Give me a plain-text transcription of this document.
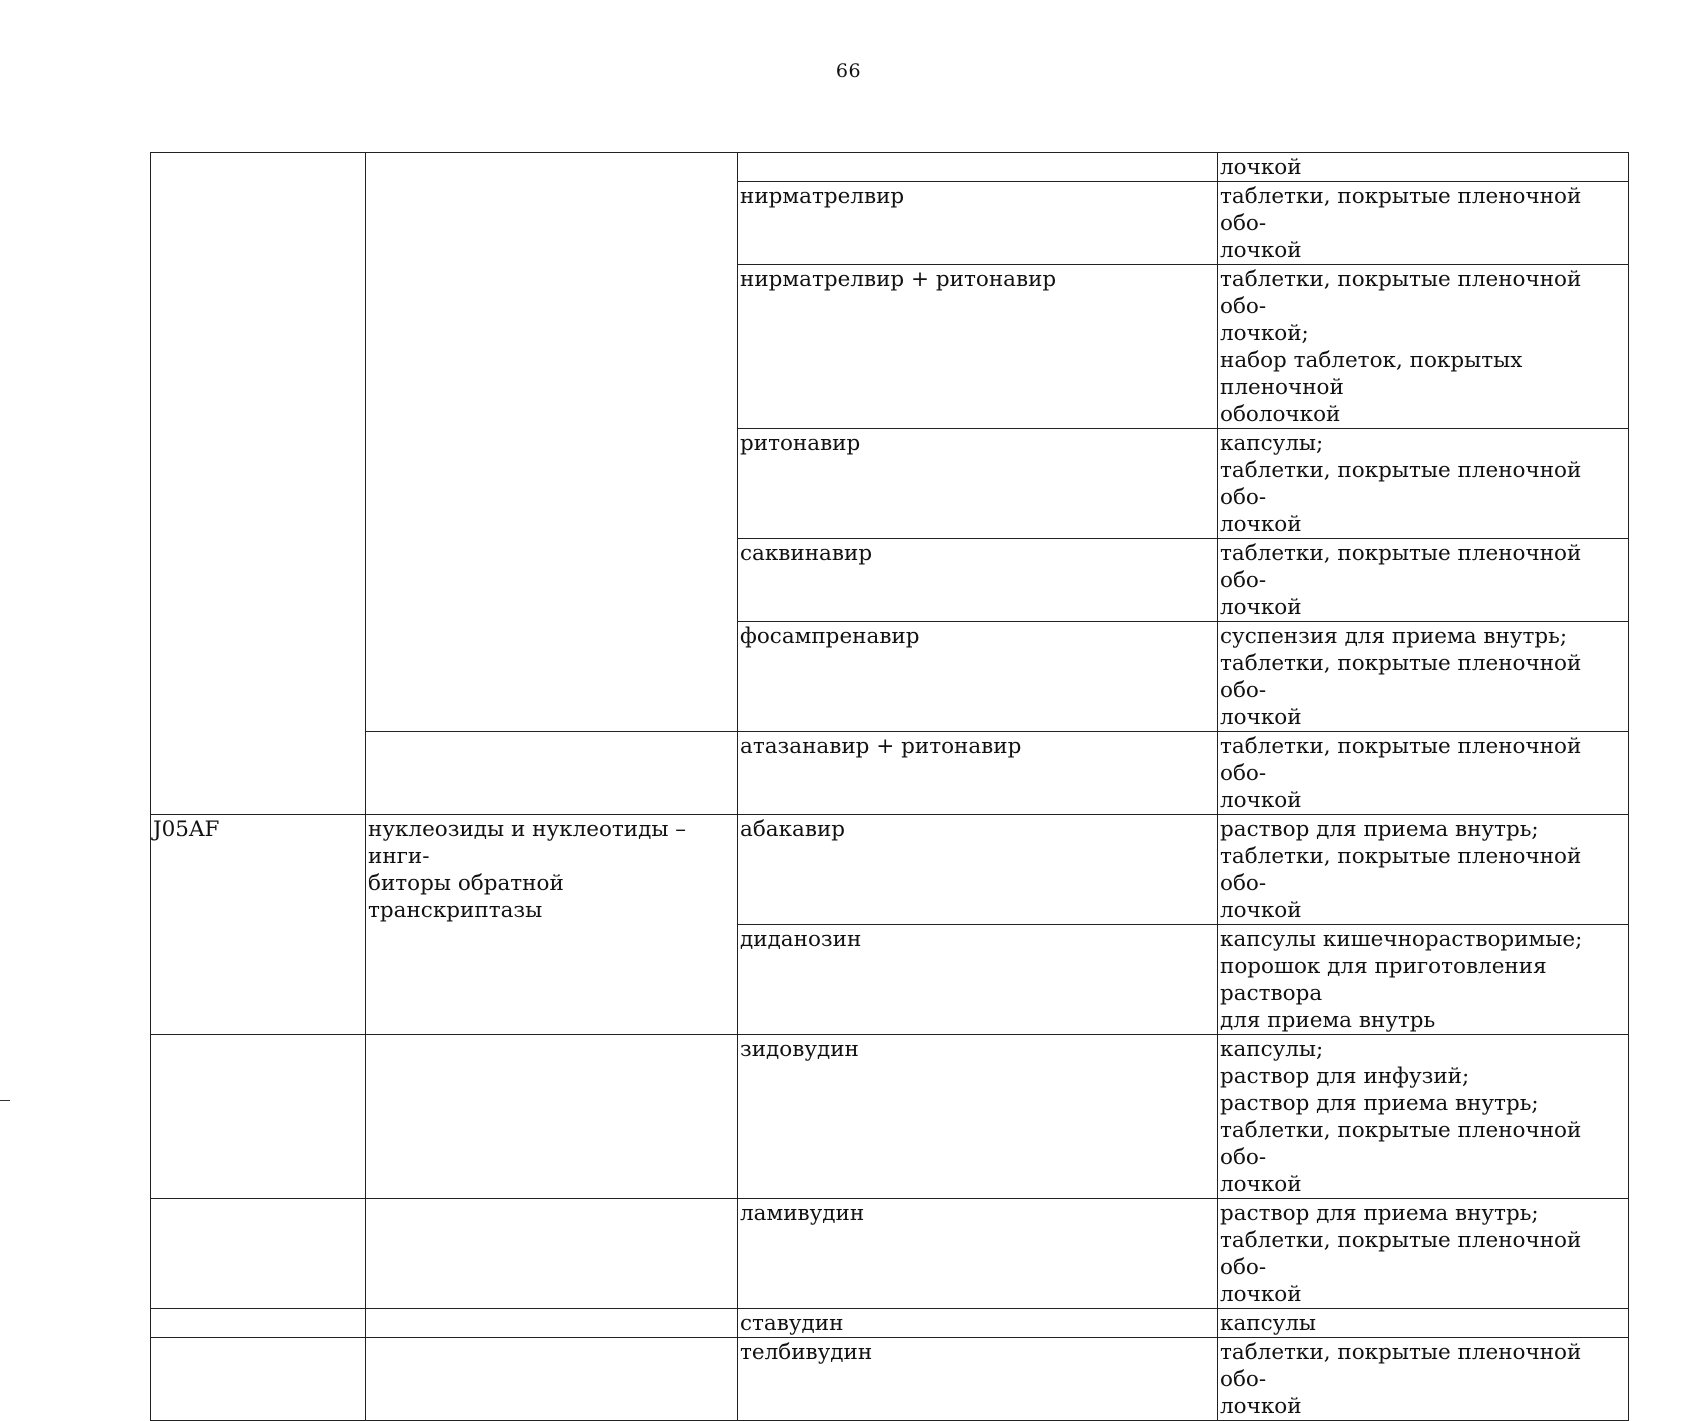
66
			лочкой
		нирматрелвир	таблетки, покрытые пленочной обо-
лочкой
		нирматрелвир + ритонавир	таблетки, покрытые пленочной обо-
лочкой;
набор таблеток, покрытых пленочной
оболочкой
		ритонавир	капсулы;
таблетки, покрытые пленочной обо-
лочкой
		саквинавир	таблетки, покрытые пленочной обо-
лочкой
		фосампренавир	суспензия для приема внутрь;
таблетки, покрытые пленочной обо-
лочкой
		атазанавир + ритонавир	таблетки, покрытые пленочной обо-
лочкой
J05AF	нуклеозиды и нуклеотиды – инги-
биторы обратной транскриптазы	абакавир	раствор для приема внутрь;
таблетки, покрытые пленочной обо-
лочкой
		диданозин	капсулы кишечнорастворимые;
порошок для приготовления раствора
для приема внутрь
		зидовудин	капсулы;
раствор для инфузий;
раствор для приема внутрь;
таблетки, покрытые пленочной обо-
лочкой
		ламивудин	раствор для приема внутрь;
таблетки, покрытые пленочной обо-
лочкой
		ставудин	капсулы
		телбивудин	таблетки, покрытые пленочной обо-
лочкой
